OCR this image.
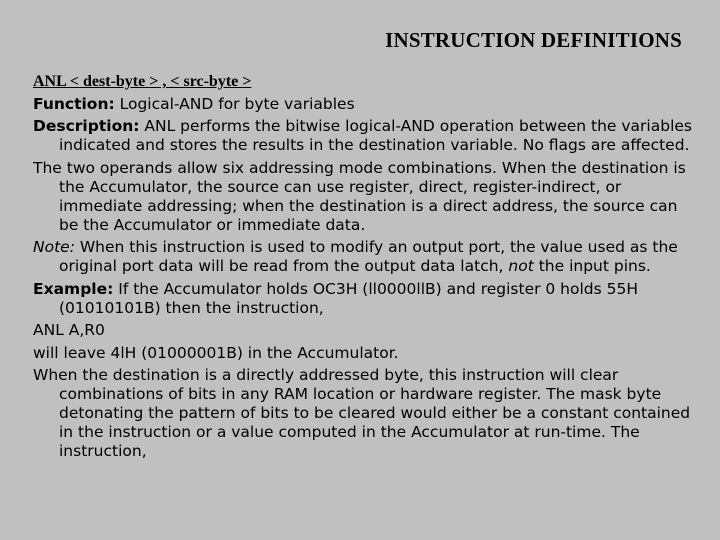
INSTRUCTION DEFINITIONS

ANL < dest-byte > , < src-byte >

Function: Logical-AND for byte variables

Description: ANL performs the bitwise logical-AND operation between the variables indicated and stores the results in the destination variable. No flags are affected.

The two operands allow six addressing mode combinations. When the destination is the Accumulator, the source can use register, direct, register-indirect, or immediate addressing; when the destination is a direct address, the source can be the Accumulator or immediate data.

Note: When this instruction is used to modify an output port, the value used as the original port data will be read from the output data latch, not the input pins.

Example: If the Accumulator holds OC3H (ll0000llB) and register 0 holds 55H (01010101B) then the instruction,

ANL A,R0

will leave 4lH (01000001B) in the Accumulator.

When the destination is a directly addressed byte, this instruction will clear combinations of bits in any RAM location or hardware register. The mask byte detonating the pattern of bits to be cleared would either be a constant contained in the instruction or a value computed in the Accumulator at run-time. The instruction,
